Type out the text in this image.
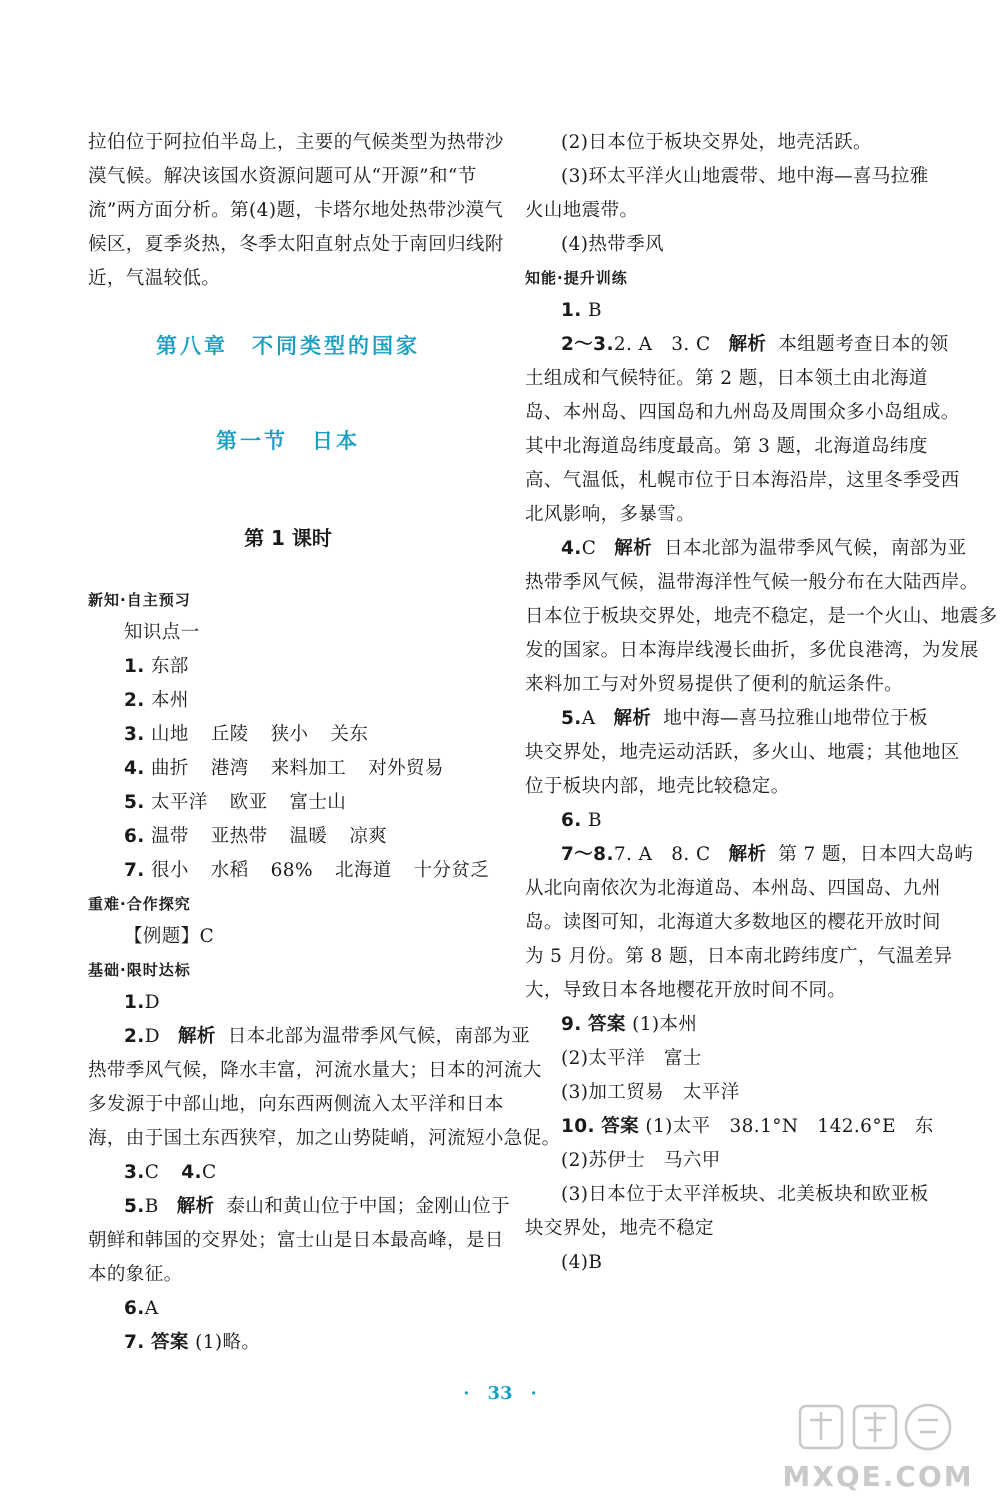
拉伯位于阿拉伯半岛上，主要的气候类型为热带沙

漠气候。解决该国水资源问题可从“开源”和“节

流”两方面分析。第(4)题，卡塔尔地处热带沙漠气

候区，夏季炎热，冬季太阳直射点处于南回归线附

近，气温较低。

第八章　不同类型的国家
第一节　日本
第 1 课时
新知·自主预习

知识点一

1. 东部

2. 本州

3. 山地 丘陵 狭小 关东

4. 曲折 港湾 来料加工 对外贸易

5. 太平洋 欧亚 富士山

6. 温带 亚热带 温暖 凉爽

7. 很小 水稻 68% 北海道 十分贫乏

重难·合作探究

【例题】C

基础·限时达标

1.D

2.D 解析 日本北部为温带季风气候，南部为亚

热带季风气候，降水丰富，河流水量大；日本的河流大

多发源于中部山地，向东西两侧流入太平洋和日本

海，由于国土东西狭窄，加之山势陡峭，河流短小急促。

3.C 4.C

5.B 解析 泰山和黄山位于中国；金刚山位于

朝鲜和韩国的交界处；富士山是日本最高峰，是日

本的象征。

6.A

7. 答案 (1)略。

(2)日本位于板块交界处，地壳活跃。

(3)环太平洋火山地震带、地中海—喜马拉雅

火山地震带。

(4)热带季风

知能·提升训练

1. B

2～3.2. A　3. C 解析 本组题考查日本的领

土组成和气候特征。第 2 题，日本领土由北海道

岛、本州岛、四国岛和九州岛及周围众多小岛组成。

其中北海道岛纬度最高。第 3 题，北海道岛纬度

高、气温低，札幌市位于日本海沿岸，这里冬季受西

北风影响，多暴雪。

4.C 解析 日本北部为温带季风气候，南部为亚

热带季风气候，温带海洋性气候一般分布在大陆西岸。

日本位于板块交界处，地壳不稳定，是一个火山、地震多

发的国家。日本海岸线漫长曲折，多优良港湾，为发展

来料加工与对外贸易提供了便利的航运条件。

5.A 解析 地中海—喜马拉雅山地带位于板

块交界处，地壳运动活跃，多火山、地震；其他地区

位于板块内部，地壳比较稳定。

6. B

7～8.7. A　8. C 解析 第 7 题，日本四大岛屿

从北向南依次为北海道岛、本州岛、四国岛、九州

岛。读图可知，北海道大多数地区的樱花开放时间

为 5 月份。第 8 题，日本南北跨纬度广，气温差异

大，导致日本各地樱花开放时间不同。

9. 答案 (1)本州

(2)太平洋　富士

(3)加工贸易　太平洋

10. 答案 (1)太平　38.1°N　142.6°E　东

(2)苏伊士　马六甲

(3)日本位于太平洋板块、北美板块和欧亚板

块交界处，地壳不稳定

(4)B

· 33 ·
MXQE.COM
